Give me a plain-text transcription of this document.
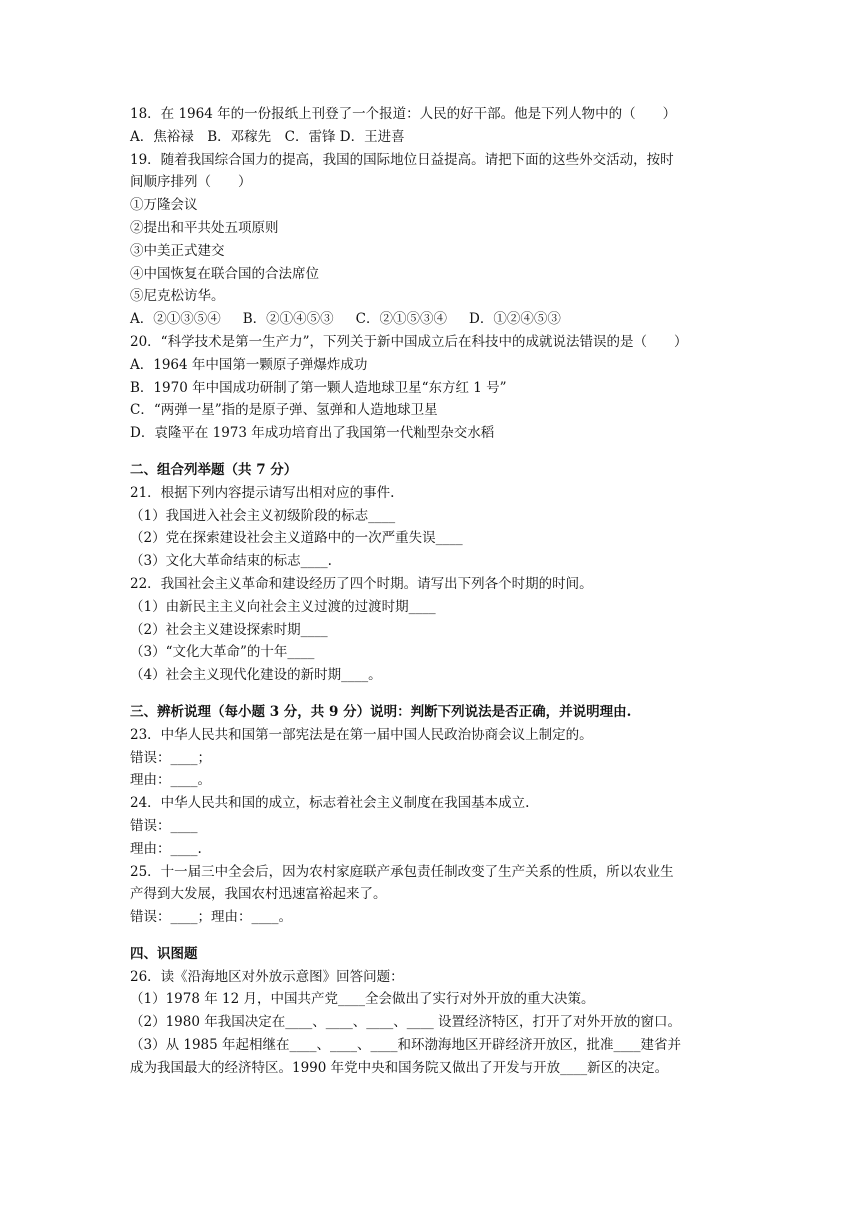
18．在 1964 年的一份报纸上刊登了一个报道：人民的好干部。他是下列人物中的（　　）
A．焦裕禄　B．邓稼先　C．雷锋 D．王进喜
19．随着我国综合国力的提高，我国的国际地位日益提高。请把下面的这些外交活动，按时
间顺序排列（　　）
①万隆会议
②提出和平共处五项原则
③中美正式建交
④中国恢复在联合国的合法席位
⑤尼克松访华。
A．②①③⑤④ B．②①④⑤③ C．②①⑤③④ D．①②④⑤③
20．“科学技术是第一生产力”，下列关于新中国成立后在科技中的成就说法错误的是（　　）
A．1964 年中国第一颗原子弹爆炸成功
B．1970 年中国成功研制了第一颗人造地球卫星“东方红 1 号”
C．“两弹一星”指的是原子弹、氢弹和人造地球卫星
D．袁隆平在 1973 年成功培育出了我国第一代籼型杂交水稻
二、组合列举题（共 7 分）
21．根据下列内容提示请写出相对应的事件.
（1）我国进入社会主义初级阶段的标志____
（2）党在探索建设社会主义道路中的一次严重失误____
（3）文化大革命结束的标志____.
22．我国社会主义革命和建设经历了四个时期。请写出下列各个时期的时间。
（1）由新民主主义向社会主义过渡的过渡时期____
（2）社会主义建设探索时期____
（3）“文化大革命”的十年____
（4）社会主义现代化建设的新时期____。
三、辨析说理（每小题 3 分，共 9 分）说明：判断下列说法是否正确，并说明理由.
23．中华人民共和国第一部宪法是在第一届中国人民政治协商会议上制定的。
错误：____；
理由：____。
24．中华人民共和国的成立，标志着社会主义制度在我国基本成立.
错误：____
理由：____.
25．十一届三中全会后，因为农村家庭联产承包责任制改变了生产关系的性质，所以农业生
产得到大发展，我国农村迅速富裕起来了。
错误：____；理由：____。
四、识图题
26．读《沿海地区对外放示意图》回答问题：
（1）1978 年 12 月，中国共产党____全会做出了实行对外开放的重大决策。
（2）1980 年我国决定在____、____、____、____ 设置经济特区，打开了对外开放的窗口。
（3）从 1985 年起相继在____、____、____和环渤海地区开辟经济开放区，批准____建省并
成为我国最大的经济特区。1990 年党中央和国务院又做出了开发与开放____新区的决定。
